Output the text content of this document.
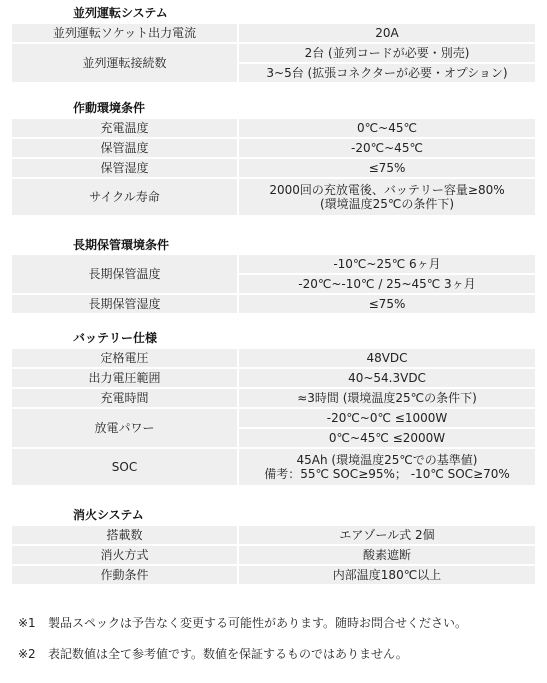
並列運転システム
並列運転ソケット出力電流	20A
並列運転接続数	2台 (並列コードが必要・別売)
	3~5台 (拡張コネクターが必要・オプション)
作動環境条件
充電温度	0℃~45℃
保管温度	-20℃~45℃
保管湿度	≤75%
サイクル寿命	2000回の充放電後、バッテリー容量≥80%
(環境温度25℃の条件下)
長期保管環境条件
長期保管温度	-10℃~25℃ 6ヶ月
	-20℃~-10℃ / 25~45℃ 3ヶ月
長期保管湿度	≤75%
バッテリー仕様
定格電圧	48VDC
出力電圧範囲	40~54.3VDC
充電時間	≈3時間 (環境温度25℃の条件下)
放電パワー	-20℃~0℃ ≤1000W
	0℃~45℃ ≤2000W
SOC	45Ah (環境温度25℃での基準値)
備考：55℃ SOC≥95%； -10℃ SOC≥70%
消火システム
搭載数	エアゾール式 2個
消火方式	酸素遮断
作動条件	内部温度180℃以上
※1 製品スペックは予告なく変更する可能性があります。随時お問合せください。
※2 表記数値は全て参考値です。数値を保証するものではありません。
